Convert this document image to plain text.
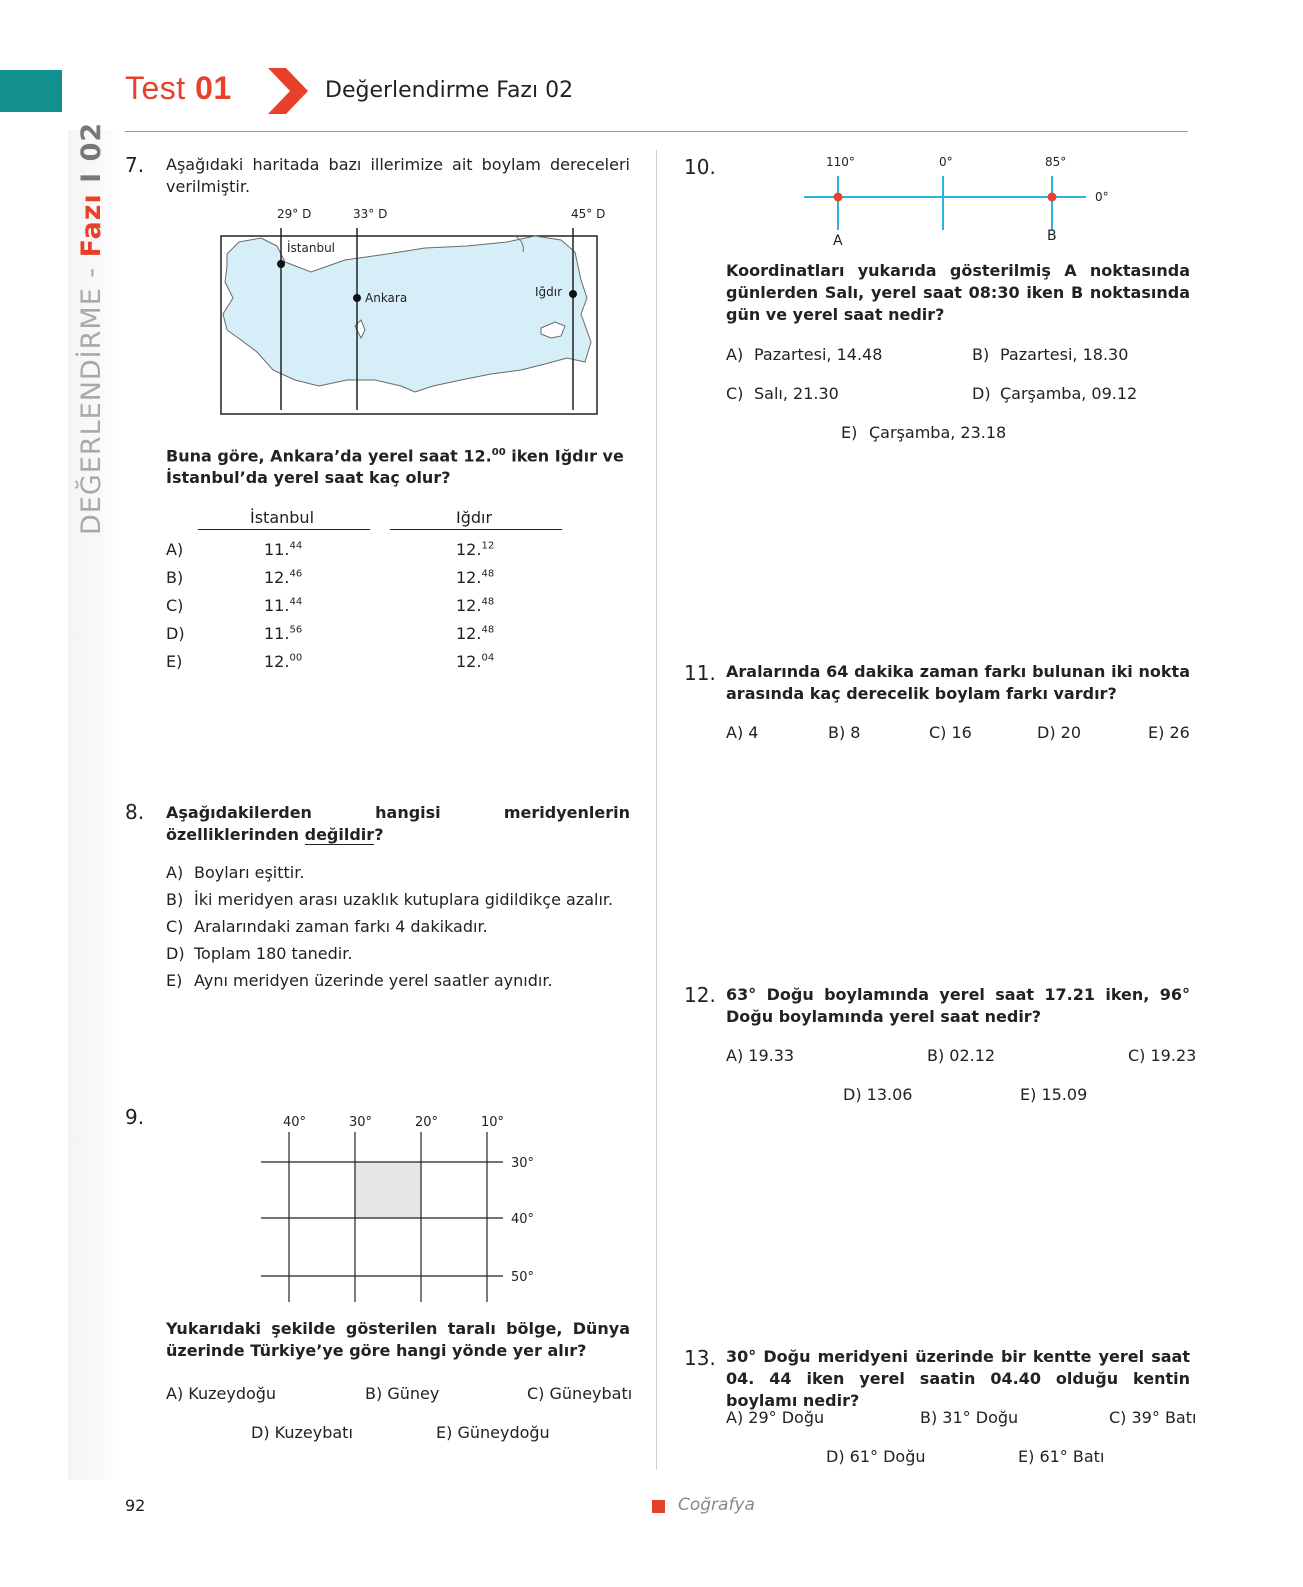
Test 01	Değerlendirme Fazı 02
DEĞERLENDİRME - Fazı I 02 7. Aşağıdaki haritada bazı illerimize ait boylam dereceleri verilmiştir.
29° D	33° D	45° D
İstanbul
Ankara	Iğdır
Buna göre, Ankara’da yerel saat 12.00 iken Iğdır ve İstanbul’da yerel saat kaç olur?
İstanbul	Iğdır
A)	11.44	12.12
B)	12.46	12.48
C)	11.44	12.48
D)	11.56	12.48
E)	12.00	12.04
8. Aşağıdakilerden hangisi meridyenlerin özelliklerinden değildir?
A) Boyları eşittir.
B) İki meridyen arası uzaklık kutuplara gidildikçe azalır.
C) Aralarındaki zaman farkı 4 dakikadır.
D) Toplam 180 tanedir.
E) Aynı meridyen üzerinde yerel saatler aynıdır.
9.	40°	30°	20°	10°
30°
40°
50°
Yukarıdaki şekilde gösterilen taralı bölge, Dünya üzerinde Türkiye’ye göre hangi yönde yer alır?
A) Kuzeydoğu	B) Güney	C) Güneybatı
D) Kuzeybatı	E) Güneydoğu
10.	110°	0°	85°
0°
A	B
Koordinatları yukarıda gösterilmiş A noktasında günlerden Salı, yerel saat 08:30 iken B noktasında gün ve yerel saat nedir?
A) Pazartesi, 14.48	B) Pazartesi, 18.30
C) Salı, 21.30	D) Çarşamba, 09.12
E) Çarşamba, 23.18
11. Aralarında 64 dakika zaman farkı bulunan iki nokta arasında kaç derecelik boylam farkı vardır?
A) 4	B) 8	C) 16	D) 20	E) 26
12. 63° Doğu boylamında yerel saat 17.21 iken, 96° Doğu boylamında yerel saat nedir?
A) 19.33	B) 02.12	C) 19.23
D) 13.06	E) 15.09
13. 30° Doğu meridyeni üzerinde bir kentte yerel saat 04. 44 iken yerel saatin 04.40 olduğu kentin boylamı nedir?
A) 29° Doğu	B) 31° Doğu	C) 39° Batı
D) 61° Doğu	E) 61° Batı
92	Coğrafya
